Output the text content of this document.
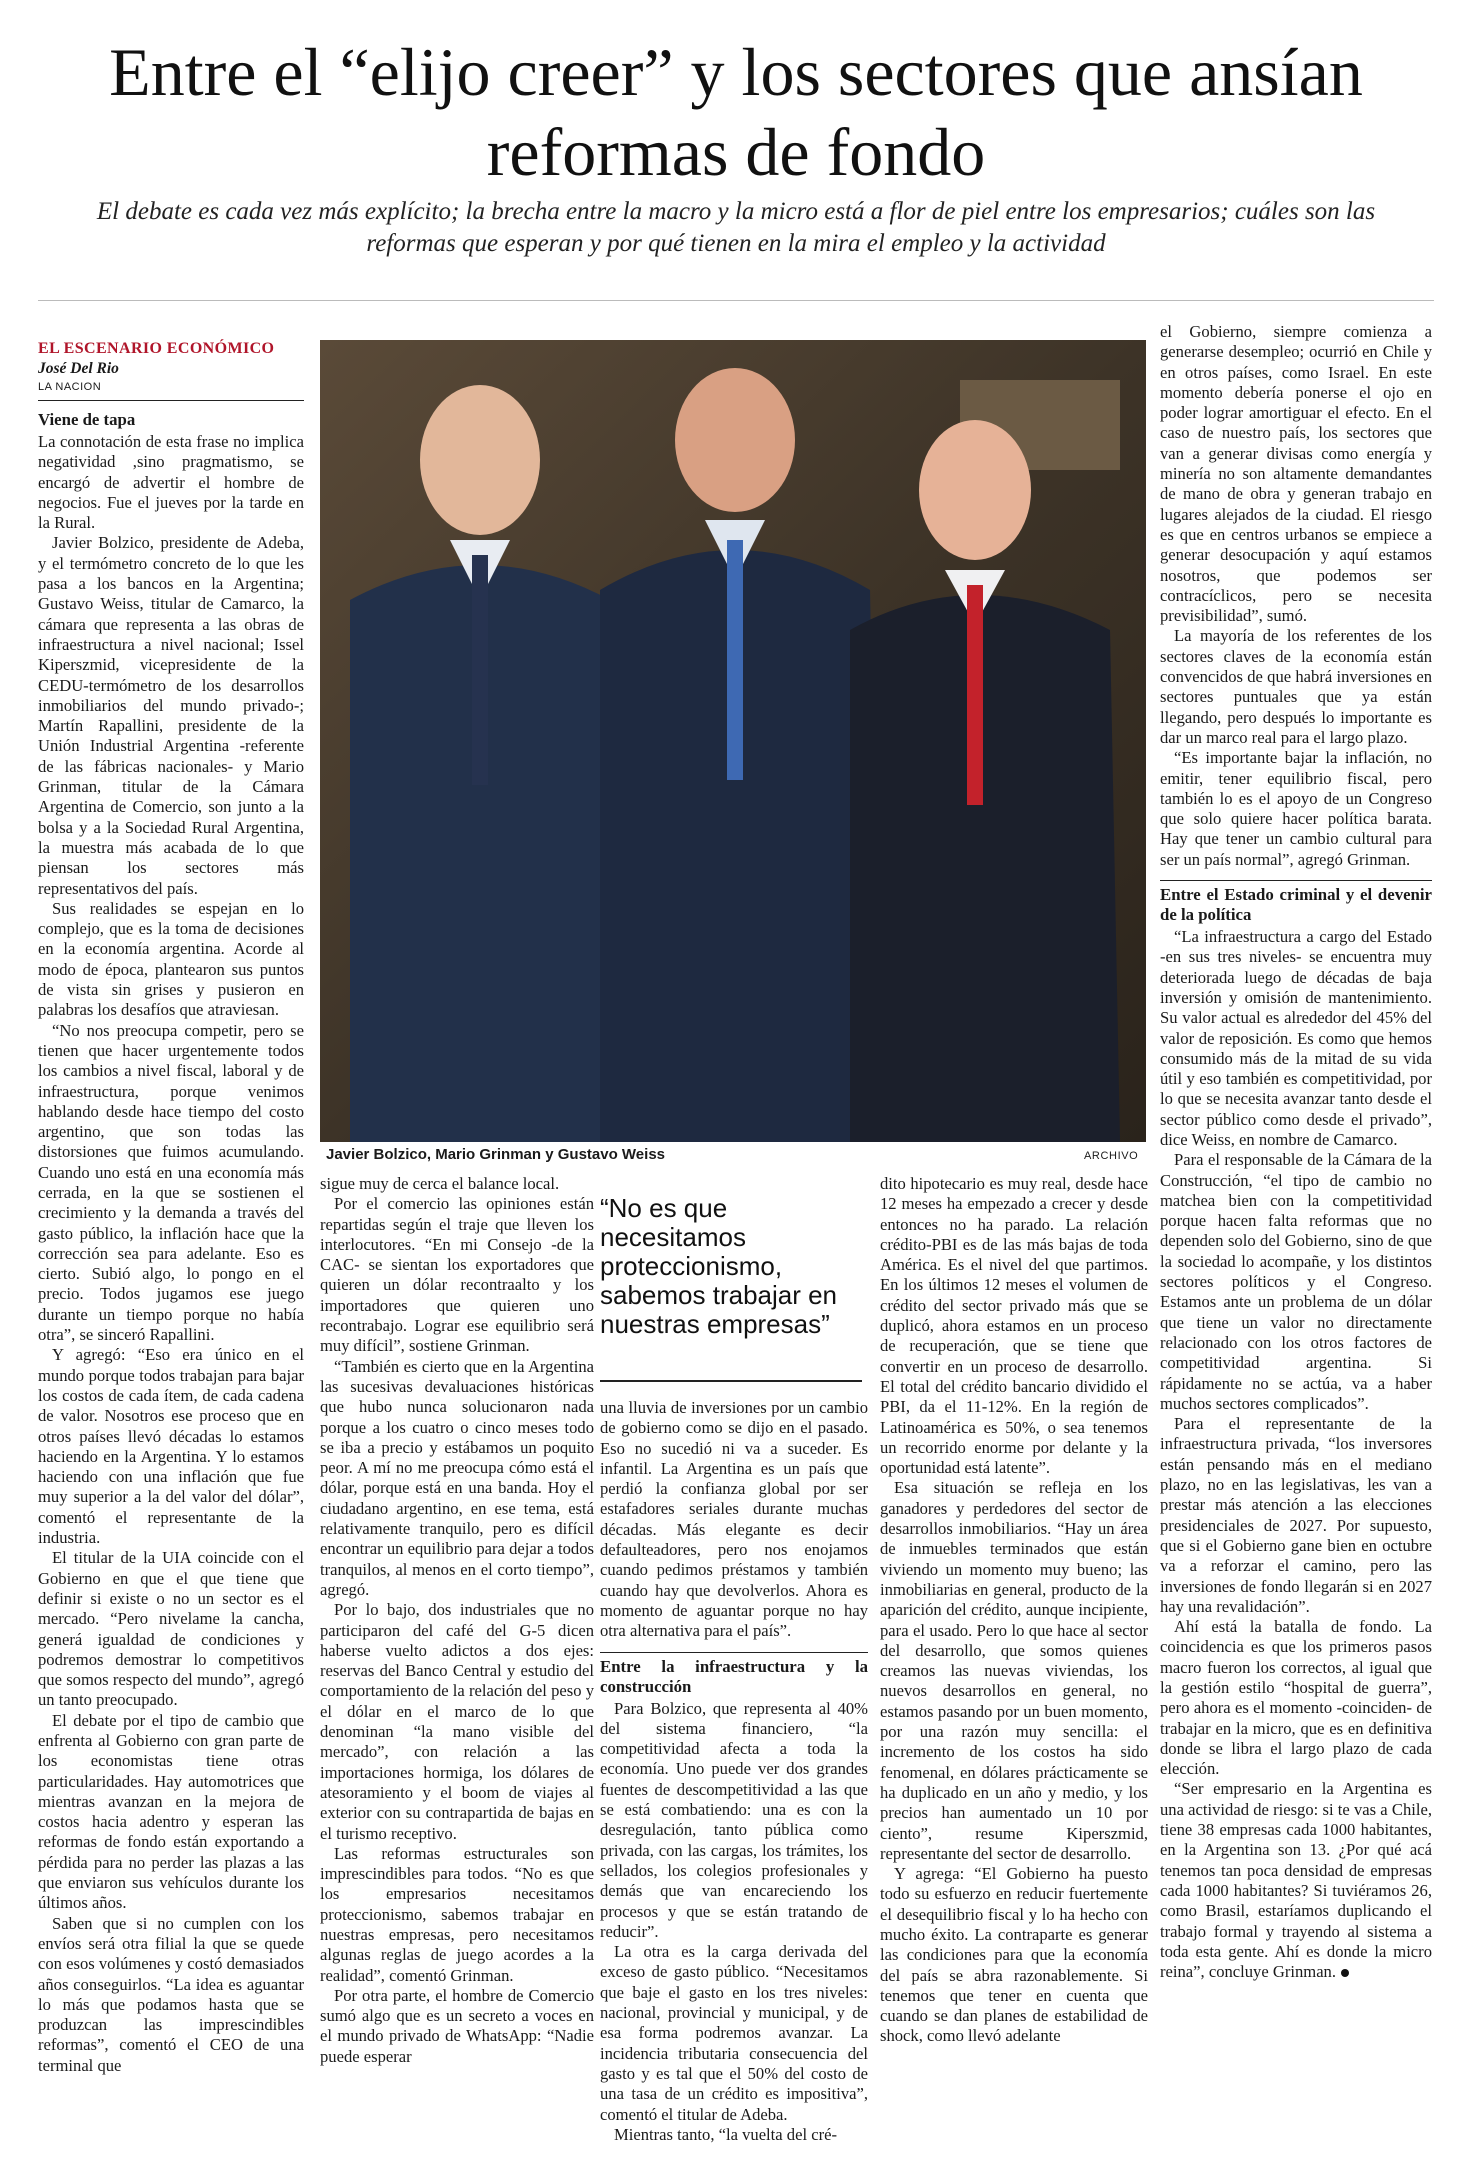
Entre el “elijo creer” y los sectores que ansían reformas de fondo

El debate es cada vez más explícito; la brecha entre la macro y la micro está a flor de piel entre los empresarios; cuáles son las reformas que esperan y por qué tienen en la mira el empleo y la actividad

EL ESCENARIO ECONÓMICO
José Del Rio
LA NACION
Viene de tapa

La connotación de esta frase no implica negatividad ,sino pragmatismo, se encargó de advertir el hombre de negocios. Fue el jueves por la tarde en la Rural.

Javier Bolzico, presidente de Adeba, y el termómetro concreto de lo que les pasa a los bancos en la Argentina; Gustavo Weiss, titular de Camarco, la cámara que representa a las obras de infraestructura a nivel nacional; Issel Kiperszmid, vicepresidente de la CEDU-termómetro de los desarrollos inmobiliarios del mundo privado-; Martín Rapallini, presidente de la Unión Industrial Argentina -referente de las fábricas nacionales- y Mario Grinman, titular de la Cámara Argentina de Comercio, son junto a la bolsa y a la Sociedad Rural Argentina, la muestra más acabada de lo que piensan los sectores más representativos del país.

Sus realidades se espejan en lo complejo, que es la toma de decisiones en la economía argentina. Acorde al modo de época, plantearon sus puntos de vista sin grises y pusieron en palabras los desafíos que atraviesan.

“No nos preocupa competir, pero se tienen que hacer urgentemente todos los cambios a nivel fiscal, laboral y de infraestructura, porque venimos hablando desde hace tiempo del costo argentino, que son todas las distorsiones que fuimos acumulando. Cuando uno está en una economía más cerrada, en la que se sostienen el crecimiento y la demanda a través del gasto público, la inflación hace que la corrección sea para adelante. Eso es cierto. Subió algo, lo pongo en el precio. Todos jugamos ese juego durante un tiempo porque no había otra”, se sinceró Rapallini.

Y agregó: “Eso era único en el mundo porque todos trabajan para bajar los costos de cada ítem, de cada cadena de valor. Nosotros ese proceso que en otros países llevó décadas lo estamos haciendo en la Argentina. Y lo estamos haciendo con una inflación que fue muy superior a la del valor del dólar”, comentó el representante de la industria.

El titular de la UIA coincide con el Gobierno en que el que tiene que definir si existe o no un sector es el mercado. “Pero nivelame la cancha, generá igualdad de condiciones y podremos demostrar lo competitivos que somos respecto del mundo”, agregó un tanto preocupado.

El debate por el tipo de cambio que enfrenta al Gobierno con gran parte de los economistas tiene otras particularidades. Hay automotrices que mientras avanzan en la mejora de costos hacia adentro y esperan las reformas de fondo están exportando a pérdida para no perder las plazas a las que enviaron sus vehículos durante los últimos años.

Saben que si no cumplen con los envíos será otra filial la que se quede con esos volúmenes y costó demasiados años conseguirlos. “La idea es aguantar lo más que podamos hasta que se produzcan las imprescindibles reformas”, comentó el CEO de una terminal que

Javier Bolzico, Mario Grinman y Gustavo Weiss	ARCHIVO

sigue muy de cerca el balance local.

Por el comercio las opiniones están repartidas según el traje que lleven los interlocutores. “En mi Consejo -de la CAC- se sientan los exportadores que quieren un dólar recontraalto y los importadores que quieren uno recontrabajo. Lograr ese equilibrio será muy difícil”, sostiene Grinman.

“También es cierto que en la Argentina las sucesivas devaluaciones históricas que hubo nunca solucionaron nada porque a los cuatro o cinco meses todo se iba a precio y estábamos un poquito peor. A mí no me preocupa cómo está el dólar, porque está en una banda. Hoy el ciudadano argentino, en ese tema, está relativamente tranquilo, pero es difícil encontrar un equilibrio para dejar a todos tranquilos, al menos en el corto tiempo”, agregó.

Por lo bajo, dos industriales que no participaron del café del G-5 dicen haberse vuelto adictos a dos ejes: reservas del Banco Central y estudio del comportamiento de la relación del peso y el dólar en el marco de lo que denominan “la mano visible del mercado”, con relación a las importaciones hormiga, los dólares de atesoramiento y el boom de viajes al exterior con su contrapartida de bajas en el turismo receptivo.

Las reformas estructurales son imprescindibles para todos. “No es que los empresarios necesitamos proteccionismo, sabemos trabajar en nuestras empresas, pero necesitamos algunas reglas de juego acordes a la realidad”, comentó Grinman.

Por otra parte, el hombre de Comercio sumó algo que es un secreto a voces en el mundo privado de WhatsApp: “Nadie puede esperar

“No es que necesitamos proteccionismo, sabemos trabajar en nuestras empresas”

una lluvia de inversiones por un cambio de gobierno como se dijo en el pasado. Eso no sucedió ni va a suceder. Es infantil. La Argentina es un país que perdió la confianza global por ser estafadores seriales durante muchas décadas. Más elegante es decir defaulteadores, pero nos enojamos cuando pedimos préstamos y también cuando hay que devolverlos. Ahora es momento de aguantar porque no hay otra alternativa para el país”.

Entre la infraestructura y la construcción

Para Bolzico, que representa al 40% del sistema financiero, “la competitividad afecta a toda la economía. Uno puede ver dos grandes fuentes de descompetitividad a las que se está combatiendo: una es con la desregulación, tanto pública como privada, con las cargas, los trámites, los sellados, los colegios profesionales y demás que van encareciendo los procesos y que se están tratando de reducir”.

La otra es la carga derivada del exceso de gasto público. “Necesitamos que baje el gasto en los tres niveles: nacional, provincial y municipal, y de esa forma podremos avanzar. La incidencia tributaria consecuencia del gasto y es tal que el 50% del costo de una tasa de un crédito es impositiva”, comentó el titular de Adeba.

Mientras tanto, “la vuelta del cré-

dito hipotecario es muy real, desde hace 12 meses ha empezado a crecer y desde entonces no ha parado. La relación crédito-PBI es de las más bajas de toda América. Es el nivel del que partimos. En los últimos 12 meses el volumen de crédito del sector privado más que se duplicó, ahora estamos en un proceso de recuperación, que se tiene que convertir en un proceso de desarrollo. El total del crédito bancario dividido el PBI, da el 11-12%. En la región de Latinoamérica es 50%, o sea tenemos un recorrido enorme por delante y la oportunidad está latente”.

Esa situación se refleja en los ganadores y perdedores del sector de desarrollos inmobiliarios. “Hay un área de inmuebles terminados que están viviendo un momento muy bueno; las inmobiliarias en general, producto de la aparición del crédito, aunque incipiente, para el usado. Pero lo que hace al sector del desarrollo, que somos quienes creamos las nuevas viviendas, los nuevos desarrollos en general, no estamos pasando por un buen momento, por una razón muy sencilla: el incremento de los costos ha sido fenomenal, en dólares prácticamente se ha duplicado en un año y medio, y los precios han aumentado un 10 por ciento”, resume Kiperszmid, representante del sector de desarrollo.

Y agrega: “El Gobierno ha puesto todo su esfuerzo en reducir fuertemente el desequilibrio fiscal y lo ha hecho con mucho éxito. La contraparte es generar las condiciones para que la economía del país se abra razonablemente. Si tenemos que tener en cuenta que cuando se dan planes de estabilidad de shock, como llevó adelante

el Gobierno, siempre comienza a generarse desempleo; ocurrió en Chile y en otros países, como Israel. En este momento debería ponerse el ojo en poder lograr amortiguar el efecto. En el caso de nuestro país, los sectores que van a generar divisas como energía y minería no son altamente demandantes de mano de obra y generan trabajo en lugares alejados de la ciudad. El riesgo es que en centros urbanos se empiece a generar desocupación y aquí estamos nosotros, que podemos ser contracíclicos, pero se necesita previsibilidad”, sumó.

La mayoría de los referentes de los sectores claves de la economía están convencidos de que habrá inversiones en sectores puntuales que ya están llegando, pero después lo importante es dar un marco real para el largo plazo.

“Es importante bajar la inflación, no emitir, tener equilibrio fiscal, pero también lo es el apoyo de un Congreso que solo quiere hacer política barata. Hay que tener un cambio cultural para ser un país normal”, agregó Grinman.

Entre el Estado criminal y el devenir de la política

“La infraestructura a cargo del Estado -en sus tres niveles- se encuentra muy deteriorada luego de décadas de baja inversión y omisión de mantenimiento. Su valor actual es alrededor del 45% del valor de reposición. Es como que hemos consumido más de la mitad de su vida útil y eso también es competitividad, por lo que se necesita avanzar tanto desde el sector público como desde el privado”, dice Weiss, en nombre de Camarco.

Para el responsable de la Cámara de la Construcción, “el tipo de cambio no matchea bien con la competitividad porque hacen falta reformas que no dependen solo del Gobierno, sino de que la sociedad lo acompañe, y los distintos sectores políticos y el Congreso. Estamos ante un problema de un dólar que tiene un valor no directamente relacionado con los otros factores de competitividad argentina. Si rápidamente no se actúa, va a haber muchos sectores complicados”.

Para el representante de la infraestructura privada, “los inversores están pensando más en el mediano plazo, no en las legislativas, les van a prestar más atención a las elecciones presidenciales de 2027. Por supuesto, que si el Gobierno gane bien en octubre va a reforzar el camino, pero las inversiones de fondo llegarán si en 2027 hay una revalidación”.

Ahí está la batalla de fondo. La coincidencia es que los primeros pasos macro fueron los correctos, al igual que la gestión estilo “hospital de guerra”, pero ahora es el momento -coinciden- de trabajar en la micro, que es en definitiva donde se libra el largo plazo de cada elección.

“Ser empresario en la Argentina es una actividad de riesgo: si te vas a Chile, tiene 38 empresas cada 1000 habitantes, en la Argentina son 13. ¿Por qué acá tenemos tan poca densidad de empresas cada 1000 habitantes? Si tuviéramos 26, como Brasil, estaríamos duplicando el trabajo formal y trayendo al sistema a toda esta gente. Ahí es donde la micro reina”, concluye Grinman.
